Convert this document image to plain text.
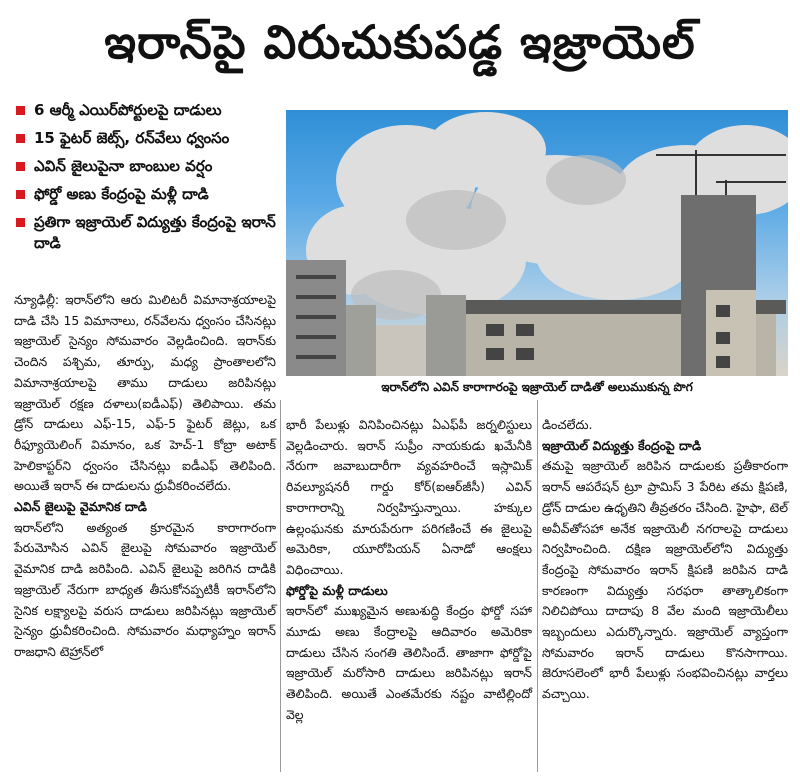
ఇరాన్‌పై విరుచుకుపడ్డ ఇజ్రాయెల్
6 ఆర్మీ ఎయిర్‌పోర్టులపై దాడులు
15 ఫైటర్ జెట్స్, రన్‌వేలు ధ్వంసం
ఎవిన్ జైలుపైనా బాంబుల వర్షం
ఫోర్డో అణు కేంద్రంపై మళ్లీ దాడి
ప్రతిగా ఇజ్రాయెల్ విద్యుత్తు కేంద్రంపై ఇరాన్ దాడి
ఇరాన్‌లోని ఎవిన్ కారాగారంపై ఇజ్రాయెల్ దాడితో అలుముకున్న పొగ

న్యూఢిల్లీ: ఇరాన్‌లోని ఆరు మిలిటరీ విమానాశ్రయాలపై దాడి చేసి 15 విమానాలు, రన్‌వేలను ధ్వంసం చేసినట్లు ఇజ్రాయెల్ సైన్యం సోమవారం వెల్లడించింది. ఇరాన్‌కు చెందిన పశ్చిమ, తూర్పు, మధ్య ప్రాంతాలలోని విమానాశ్రయాలపై తాము దాడులు జరిపినట్లు ఇజ్రాయెల్ రక్షణ దళాలు(ఐడీఎఫ్) తెలిపాయి. తమ డ్రోన్ దాడులు ఎఫ్-15, ఎఫ్-5 ఫైటర్ జెట్లు, ఒక రీఫ్యూయెలింగ్ విమానం, ఒక హెచ్-1 కోబ్రా అటాక్ హెలికాప్టర్‌ని ధ్వంసం చేసినట్లు ఐడీఎఫ్ తెలిపింది. అయితే ఇరాన్ ఈ దాడులను ధ్రువీకరించలేదు.

ఎవిన్ జైలుపై వైమానిక దాడి

ఇరాన్‌లోని అత్యంత క్రూరమైన కారాగారంగా పేరుమోసిన ఎవిన్ జైలుపై సోమవారం ఇజ్రాయెల్ వైమానిక దాడి జరిపింది. ఎవిన్ జైలుపై జరిగిన దాడికి ఇజ్రాయెల్ నేరుగా బాధ్యత తీసుకోనప్పటికీ ఇరాన్‌లోని సైనిక లక్ష్యాలపై వరుస దాడులు జరిపినట్లు ఇజ్రాయెల్ సైన్యం ధ్రువీకరించింది. సోమవారం మధ్యాహ్నం ఇరాన్ రాజధాని టెహ్రాన్‌లో

భారీ పేలుళ్లు వినిపించినట్లు ఏఎఫ్‌పీ జర్నలిస్టులు వెల్లడించారు. ఇరాన్ సుప్రీం నాయకుడు ఖమేనీకి నేరుగా జవాబుదారీగా వ్యవహరించే ఇస్లామిక్ రివల్యూషనరీ గార్డు కోర్(ఐఆర్‌జీసీ) ఎవిన్ కారాగారాన్ని నిర్వహిస్తున్నాయి. హక్కుల ఉల్లంఘనకు మారుపేరుగా పరిగణించే ఈ జైలుపై అమెరికా, యూరోపియన్ ఏనాడో ఆంక్షలు విధించాయి.

ఫోర్డోపై మళ్లీ దాడులు

ఇరాన్‌లో ముఖ్యమైన అణుశుద్ధి కేంద్రం ఫోర్డో సహా మూడు అణు కేంద్రాలపై ఆదివారం అమెరికా దాడులు చేసిన సంగతి తెలిసిందే. తాజాగా ఫోర్డోపై ఇజ్రాయెల్ మరోసారి దాడులు జరిపినట్లు ఇరాన్ తెలిపింది. అయితే ఎంతమేరకు నష్టం వాటిల్లిందో వెల్ల

డించలేదు.

ఇజ్రాయెల్ విద్యుత్తు కేంద్రంపై దాడి

తమపై ఇజ్రాయెల్ జరిపిన దాడులకు ప్రతీకారంగా ఇరాన్ ఆపరేషన్ ట్రూ ప్రామిస్ 3 పేరిట తమ క్షిపణి, డ్రోన్ దాడుల ఉధృతిని తీవ్రతరం చేసింది. హైఫా, టెల్ అవీవ్‌తోసహా అనేక ఇజ్రాయెలీ నగరాలపై దాడులు నిర్వహించింది. దక్షిణ ఇజ్రాయెల్‌లోని విద్యుత్తు కేంద్రంపై సోమవారం ఇరాన్ క్షిపణి జరిపిన దాడి కారణంగా విద్యుత్తు సరఫరా తాత్కాలికంగా నిలిచిపోయి దాదాపు 8 వేల మంది ఇజ్రాయెలీలు ఇబ్బందులు ఎదుర్కొన్నారు. ఇజ్రాయెల్ వ్యాప్తంగా సోమవారం ఇరాన్ దాడులు కొనసాగాయి. జెరూసలెంలో భారీ పేలుళ్లు సంభవించినట్లు వార్తలు వచ్చాయి.
